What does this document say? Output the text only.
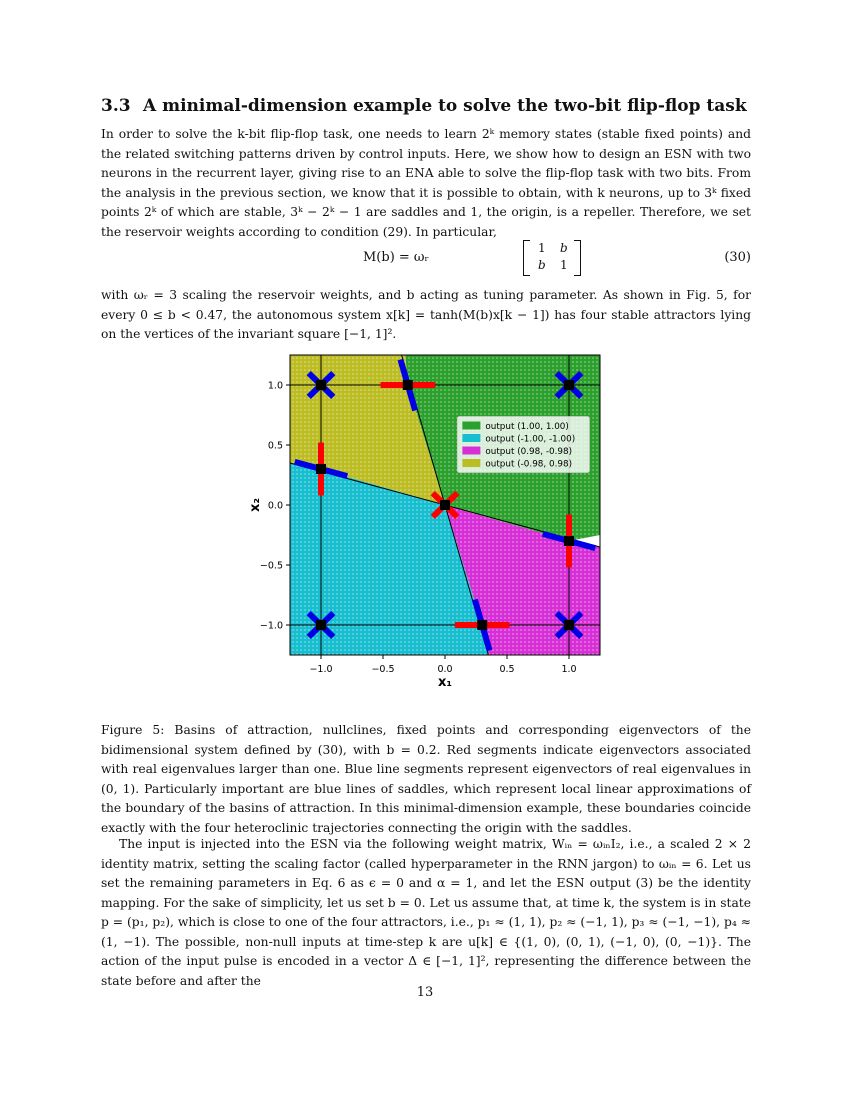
3.3 A minimal-dimension example to solve the two-bit flip-flop task

In order to solve the k-bit flip-flop task, one needs to learn 2ᵏ memory states (stable fixed points) and the related switching patterns driven by control inputs. Here, we show how to design an ESN with two neurons in the recurrent layer, giving rise to an ENA able to solve the flip-flop task with two bits. From the analysis in the previous section, we know that it is possible to obtain, with k neurons, up to 3ᵏ fixed points 2ᵏ of which are stable, 3ᵏ − 2ᵏ − 1 are saddles and 1, the origin, is a repeller. Therefore, we set the reservoir weights according to condition (29). In particular,

M(b) = ωᵣ
1 b
b 1	(30)

with ωᵣ = 3 scaling the reservoir weights, and b acting as tuning parameter. As shown in Fig. 5, for every 0 ≤ b < 0.47, the autonomous system x[k] = tanh(M(b)x[k − 1]) has four stable attractors lying on the vertices of the invariant square [−1, 1]².

−1.0	−0.5	0.0	0.5	1.0
−1.0
−0.5
0.0
0.5
1.0
output (1.00, 1.00)
output (-1.00, -1.00)
output (0.98, -0.98)
output (-0.98, 0.98)
x₁
x₂

Figure 5: Basins of attraction, nullclines, fixed points and corresponding eigenvectors of the bidimensional system defined by (30), with b = 0.2. Red segments indicate eigenvectors associated with real eigenvalues larger than one. Blue line segments represent eigenvectors of real eigenvalues in (0, 1). Particularly important are blue lines of saddles, which represent local linear approximations of the boundary of the basins of attraction. In this minimal-dimension example, these boundaries coincide exactly with the four heteroclinic trajectories connecting the origin with the saddles.

The input is injected into the ESN via the following weight matrix, Wᵢₙ = ωᵢₙI₂, i.e., a scaled 2 × 2 identity matrix, setting the scaling factor (called hyperparameter in the RNN jargon) to ωᵢₙ = 6. Let us set the remaining parameters in Eq. 6 as ϵ = 0 and α = 1, and let the ESN output (3) be the identity mapping. For the sake of simplicity, let us set b = 0. Let us assume that, at time k, the system is in state p = (p₁, p₂), which is close to one of the four attractors, i.e., p₁ ≈ (1, 1), p₂ ≈ (−1, 1), p₃ ≈ (−1, −1), p₄ ≈ (1, −1). The possible, non-null inputs at time-step k are u[k] ∈ {(1, 0), (0, 1), (−1, 0), (0, −1)}. The action of the input pulse is encoded in a vector Δ ∈ [−1, 1]², representing the difference between the state before and after the

13
